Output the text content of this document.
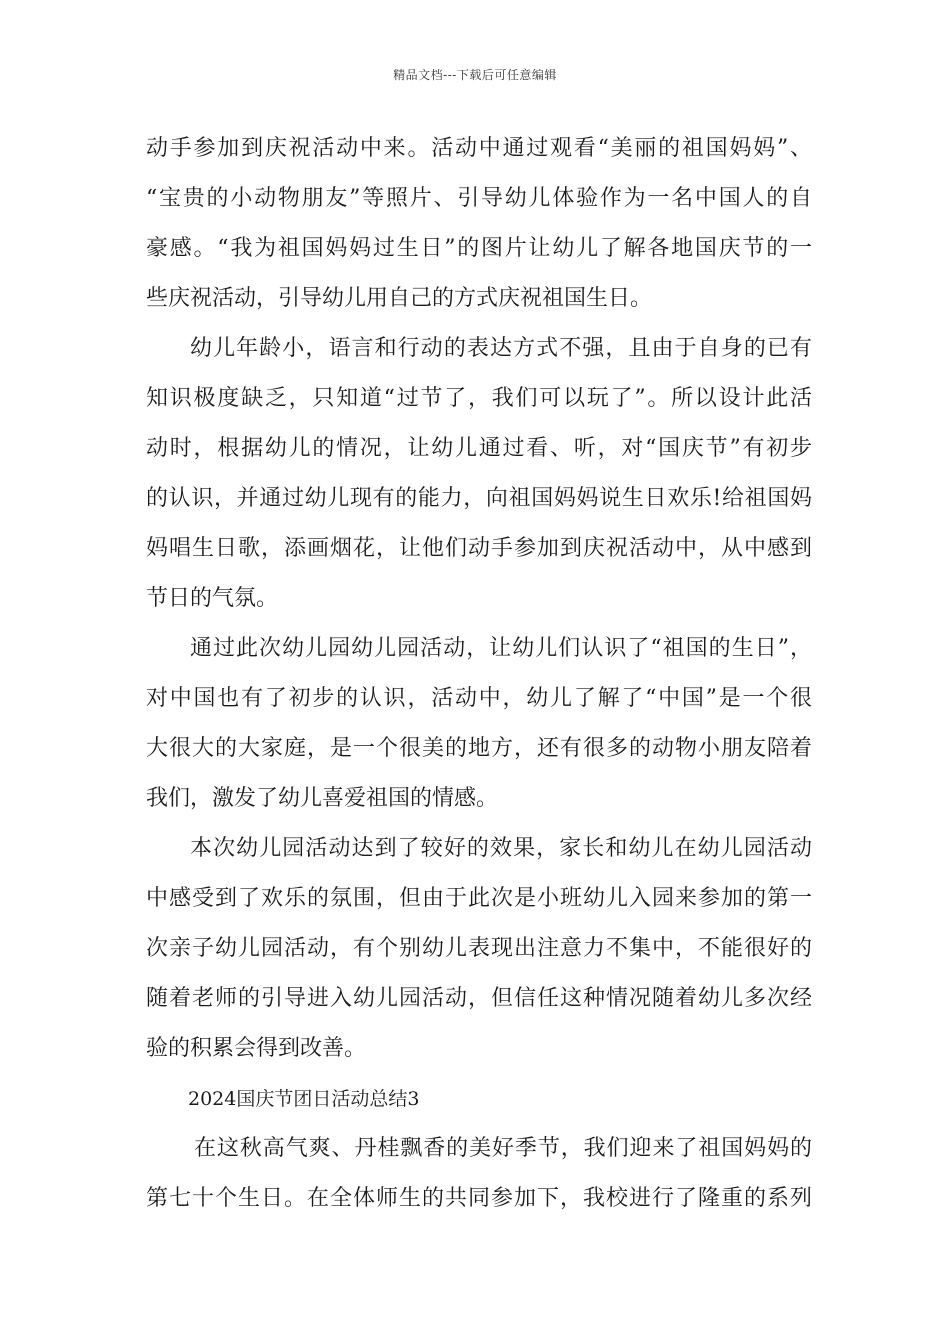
精品文档---下载后可任意编辑
动手参加到庆祝活动中来。活动中通过观看“美丽的祖国妈妈”、
“宝贵的小动物朋友”等照片、引导幼儿体验作为一名中国人的自
豪感。“我为祖国妈妈过生日”的图片让幼儿了解各地国庆节的一
些庆祝活动，引导幼儿用自己的方式庆祝祖国生日。
幼儿年龄小，语言和行动的表达方式不强，且由于自身的已有
知识极度缺乏，只知道“过节了，我们可以玩了”。所以设计此活
动时，根据幼儿的情况，让幼儿通过看、听，对“国庆节”有初步
的认识，并通过幼儿现有的能力，向祖国妈妈说生日欢乐!给祖国妈
妈唱生日歌，添画烟花，让他们动手参加到庆祝活动中，从中感到
节日的气氛。
通过此次幼儿园幼儿园活动，让幼儿们认识了“祖国的生日”，
对中国也有了初步的认识，活动中，幼儿了解了“中国”是一个很
大很大的大家庭，是一个很美的地方，还有很多的动物小朋友陪着
我们，激发了幼儿喜爱祖国的情感。
本次幼儿园活动达到了较好的效果，家长和幼儿在幼儿园活动
中感受到了欢乐的氛围，但由于此次是小班幼儿入园来参加的第一
次亲子幼儿园活动，有个别幼儿表现出注意力不集中，不能很好的
随着老师的引导进入幼儿园活动，但信任这种情况随着幼儿多次经
验的积累会得到改善。
2024国庆节团日活动总结3
在这秋高气爽、丹桂飘香的美好季节，我们迎来了祖国妈妈的
第七十个生日。在全体师生的共同参加下，我校进行了隆重的系列
